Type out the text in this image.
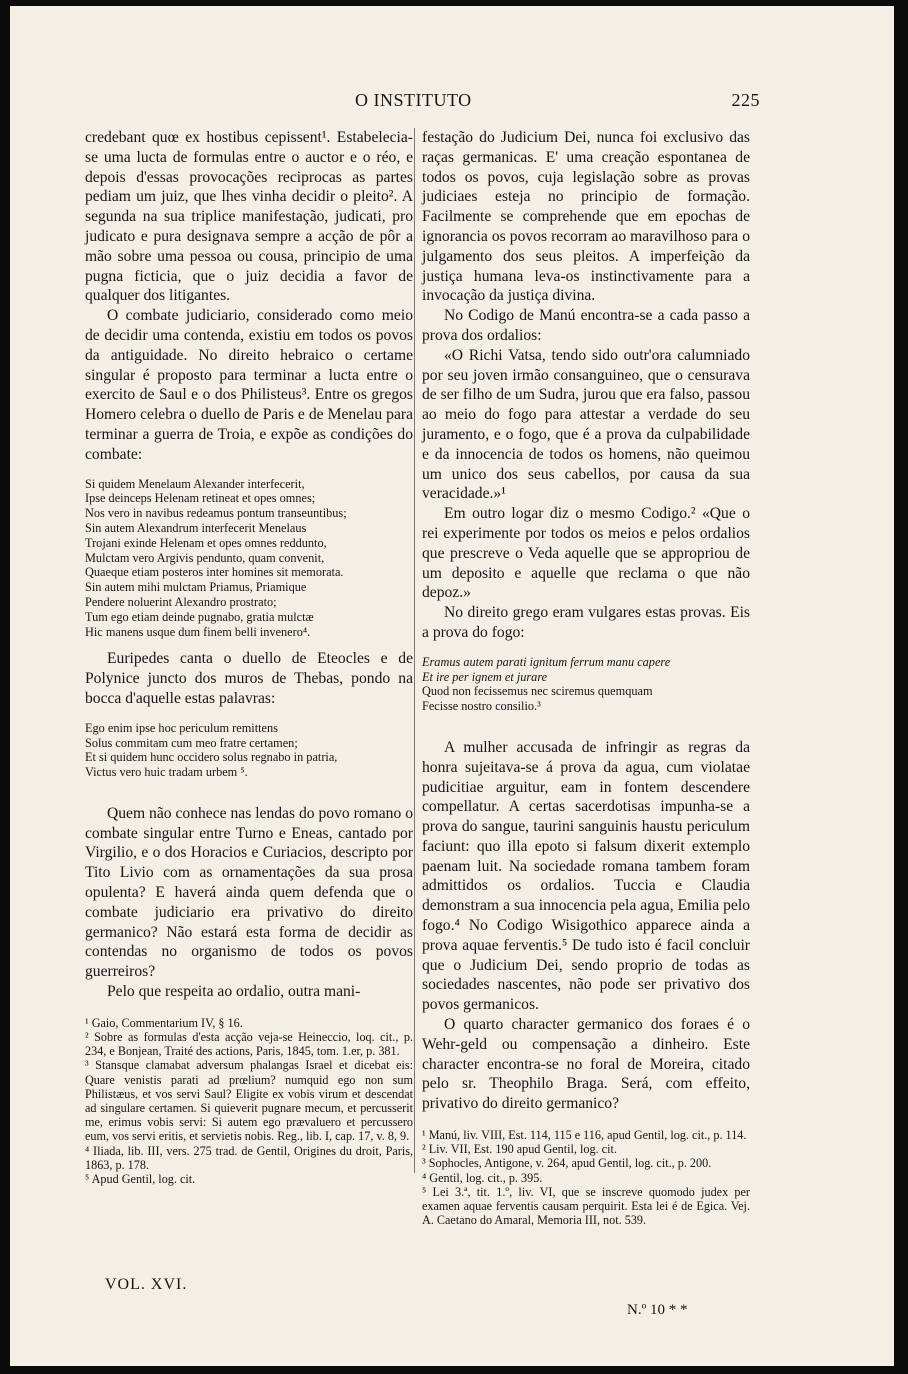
O INSTITUTO	225

credebant quœ ex hostibus cepissent¹. Estabelecia-se uma lucta de formulas entre o auctor e o réo, e depois d'essas provocações reciprocas as partes pediam um juiz, que lhes vinha decidir o pleito². A segunda na sua triplice manifestação, judicati, pro judicato e pura designava sempre a acção de pôr a mão sobre uma pessoa ou cousa, principio de uma pugna ficticia, que o juiz decidia a favor de qualquer dos litigantes.

O combate judiciario, considerado como meio de decidir uma contenda, existiu em todos os povos da antiguidade. No direito hebraico o certame singular é proposto para terminar a lucta entre o exercito de Saul e o dos Philisteus³. Entre os gregos Homero celebra o duello de Paris e de Menelau para terminar a guerra de Troia, e expõe as condições do combate:

Si quidem Menelaum Alexander interfecerit,
Ipse deinceps Helenam retineat et opes omnes;
Nos vero in navibus redeamus pontum transeuntibus;
Sin autem Alexandrum interfecerit Menelaus
Trojani exinde Helenam et opes omnes reddunto,
Mulctam vero Argivis pendunto, quam convenit,
Quaeque etiam posteros inter homines sit memorata.
Sin autem mihi mulctam Priamus, Priamique
Pendere noluerint Alexandro prostrato;
Tum ego etiam deinde pugnabo, gratia mulctæ
Hic manens usque dum finem belli invenero⁴.

Euripedes canta o duello de Eteocles e de Polynice juncto dos muros de Thebas, pondo na bocca d'aquelle estas palavras:

Ego enim ipse hoc periculum remittens
Solus commitam cum meo fratre certamen;
Et si quidem hunc occidero solus regnabo in patria,
Victus vero huic tradam urbem ⁵.

Quem não conhece nas lendas do povo romano o combate singular entre Turno e Eneas, cantado por Virgilio, e o dos Horacios e Curiacios, descripto por Tito Livio com as ornamentações da sua prosa opulenta? E haverá ainda quem defenda que o combate judiciario era privativo do direito germanico? Não estará esta forma de decidir as contendas no organismo de todos os povos guerreiros?

Pelo que respeita ao ordalio, outra mani-

¹ Gaio, Commentarium IV, § 16.
² Sobre as formulas d'esta acção veja-se Heineccio, loq. cit., p. 234, e Bonjean, Traité des actions, Paris, 1845, tom. 1.er, p. 381.
³ Stansque clamabat adversum phalangas Israel et dicebat eis: Quare venistis parati ad prœlium? numquid ego non sum Philistæus, et vos servi Saul? Eligite ex vobis virum et descendat ad singulare certamen. Si quieverit pugnare mecum, et percusserit me, erimus vobis servi: Si autem ego prævaluero et percussero eum, vos servi eritis, et servietis nobis. Reg., lib. I, cap. 17, v. 8, 9.
⁴ Iliada, lib. III, vers. 275 trad. de Gentil, Origines du droit, Paris, 1863, p. 178.
⁵ Apud Gentil, log. cit.

festação do Judicium Dei, nunca foi exclusivo das raças germanicas. E' uma creação espontanea de todos os povos, cuja legislação sobre as provas judiciaes esteja no principio de formação. Facilmente se comprehende que em epochas de ignorancia os povos recorram ao maravilhoso para o julgamento dos seus pleitos. A imperfeição da justiça humana leva-os instinctivamente para a invocação da justiça divina.

No Codigo de Manú encontra-se a cada passo a prova dos ordalios:

«O Richi Vatsa, tendo sido outr'ora calumniado por seu joven irmão consanguineo, que o censurava de ser filho de um Sudra, jurou que era falso, passou ao meio do fogo para attestar a verdade do seu juramento, e o fogo, que é a prova da culpabilidade e da innocencia de todos os homens, não queimou um unico dos seus cabellos, por causa da sua veracidade.»¹

Em outro logar diz o mesmo Codigo.² «Que o rei experimente por todos os meios e pelos ordalios que prescreve o Veda aquelle que se appropriou de um deposito e aquelle que reclama o que não depoz.»

No direito grego eram vulgares estas provas. Eis a prova do fogo:

Eramus autem parati ignitum ferrum manu capere
Et ire per ignem et jurare
Quod non fecissemus nec sciremus quemquam
Fecisse nostro consilio.³

A mulher accusada de infringir as regras da honra sujeitava-se á prova da agua, cum violatae pudicitiae arguitur, eam in fontem descendere compellatur. A certas sacerdotisas impunha-se a prova do sangue, taurini sanguinis haustu periculum faciunt: quo illa epoto si falsum dixerit extemplo paenam luit. Na sociedade romana tambem foram admittidos os ordalios. Tuccia e Claudia demonstram a sua innocencia pela agua, Emilia pelo fogo.⁴ No Codigo Wisigothico apparece ainda a prova aquae ferventis.⁵ De tudo isto é facil concluir que o Judicium Dei, sendo proprio de todas as sociedades nascentes, não pode ser privativo dos povos germanicos.

O quarto character germanico dos foraes é o Wehr-geld ou compensação a dinheiro. Este character encontra-se no foral de Moreira, citado pelo sr. Theophilo Braga. Será, com effeito, privativo do direito germanico?

¹ Manú, liv. VIII, Est. 114, 115 e 116, apud Gentil, log. cit., p. 114.
² Liv. VII, Est. 190 apud Gentil, log. cit.
³ Sophocles, Antigone, v. 264, apud Gentil, log. cit., p. 200.
⁴ Gentil, log. cit., p. 395.
⁵ Lei 3.ª, tit. 1.º, liv. VI, que se inscreve quomodo judex per examen aquae ferventis causam perquirit. Esta lei é de Egica. Vej. A. Caetano do Amaral, Memoria III, not. 539.
VOL. XVI.
N.º 10 * *
